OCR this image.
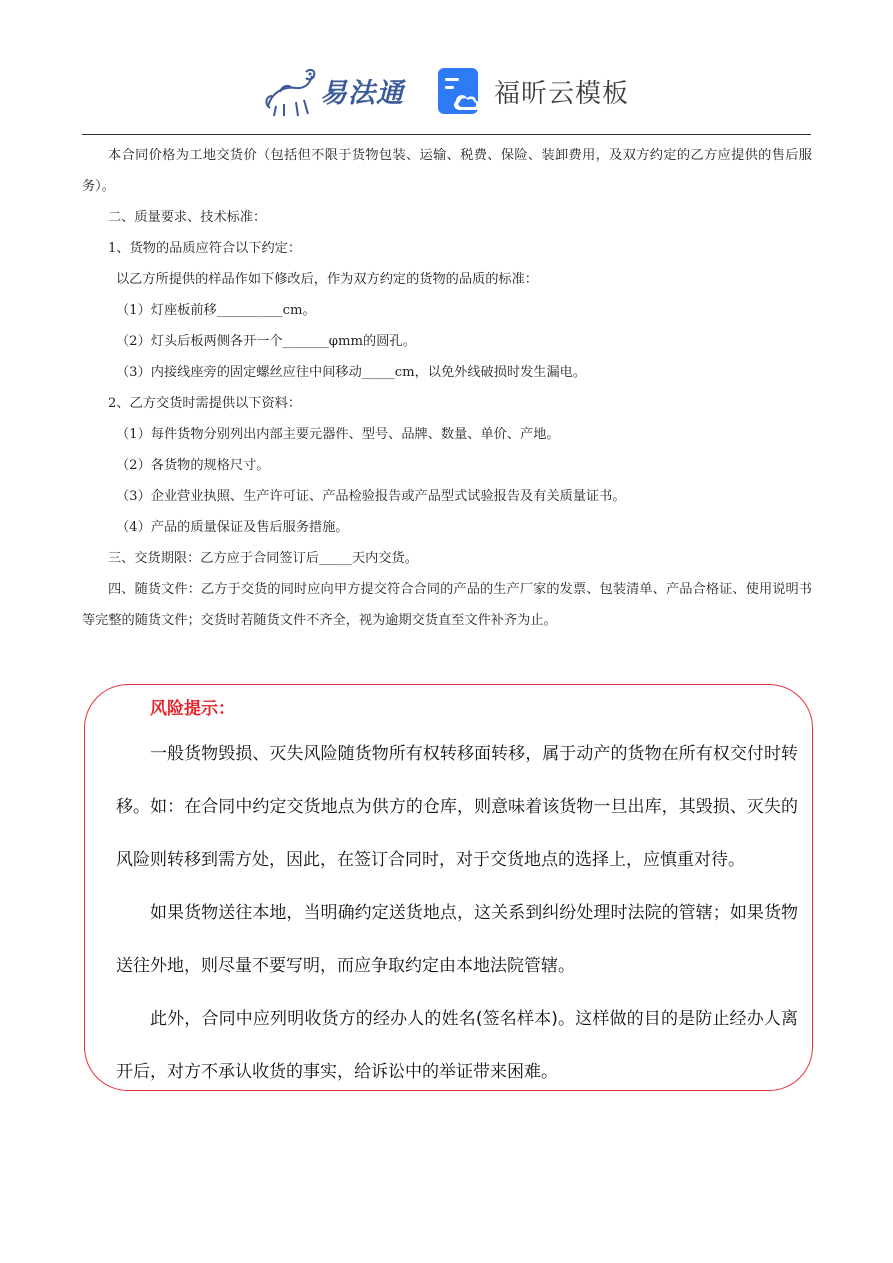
易法通	福昕云模板

本合同价格为工地交货价（包括但不限于货物包装、运输、税费、保险、装卸费用，及双方约定的乙方应提供的售后服务）。

二、质量要求、技术标准：

1、货物的品质应符合以下约定：

以乙方所提供的样品作如下修改后，作为双方约定的货物的品质的标准：

（1）灯座板前移__________cm。

（2）灯头后板两侧各开一个_______φmm的圆孔。

（3）内接线座旁的固定螺丝应往中间移动_____cm，以免外线破损时发生漏电。

2、乙方交货时需提供以下资料：

（1）每件货物分别列出内部主要元器件、型号、品牌、数量、单价、产地。

（2）各货物的规格尺寸。

（3）企业营业执照、生产许可证、产品检验报告或产品型式试验报告及有关质量证书。

（4）产品的质量保证及售后服务措施。

三、交货期限：乙方应于合同签订后_____天内交货。

四、随货文件：乙方于交货的同时应向甲方提交符合合同的产品的生产厂家的发票、包装清单、产品合格证、使用说明书等完整的随货文件；交货时若随货文件不齐全，视为逾期交货直至文件补齐为止。

风险提示：

一般货物毁损、灭失风险随货物所有权转移面转移，属于动产的货物在所有权交付时转移。如：在合同中约定交货地点为供方的仓库，则意味着该货物一旦出库，其毁损、灭失的风险则转移到需方处，因此，在签订合同时，对于交货地点的选择上，应慎重对待。

如果货物送往本地，当明确约定送货地点，这关系到纠纷处理时法院的管辖；如果货物送往外地，则尽量不要写明，而应争取约定由本地法院管辖。

此外，合同中应列明收货方的经办人的姓名(签名样本)。这样做的目的是防止经办人离开后，对方不承认收货的事实，给诉讼中的举证带来困难。
